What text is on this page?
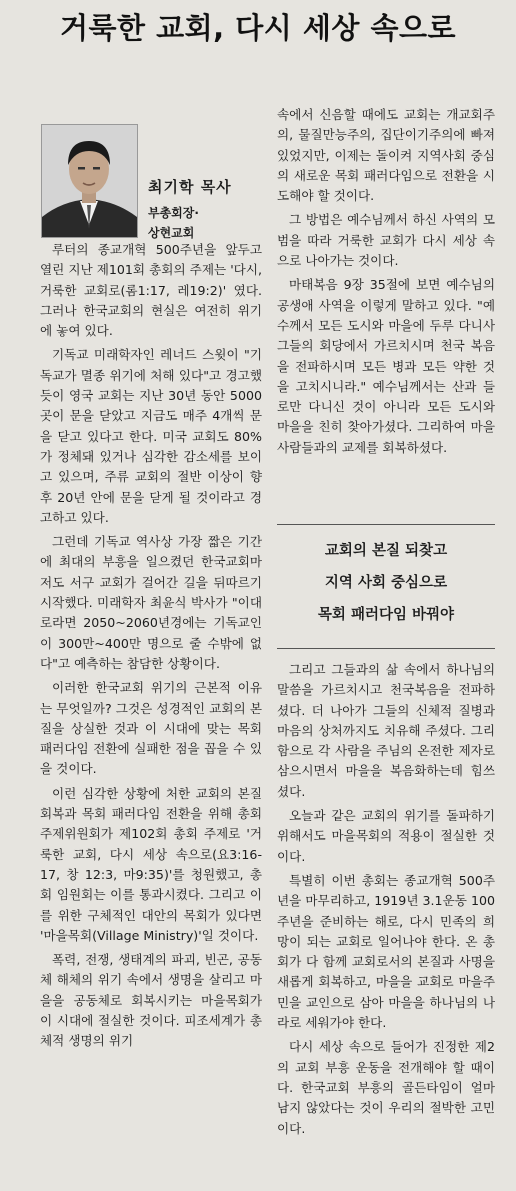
거룩한 교회, 다시 세상 속으로
최기학 목사
부총회장·
상현교회

루터의 종교개혁 500주년을 앞두고 열린 지난 제101회 총회의 주제는 '다시, 거룩한 교회로(롬1:17, 레19:2)' 였다. 그러나 한국교회의 현실은 여전히 위기에 놓여 있다.

기독교 미래학자인 레너드 스윗이 "기독교가 멸종 위기에 처해 있다"고 경고했듯이 영국 교회는 지난 30년 동안 5000곳이 문을 닫았고 지금도 매주 4개씩 문을 닫고 있다고 한다. 미국 교회도 80%가 정체돼 있거나 심각한 감소세를 보이고 있으며, 주류 교회의 절반 이상이 향후 20년 안에 문을 닫게 될 것이라고 경고하고 있다.

그런데 기독교 역사상 가장 짧은 기간에 최대의 부흥을 일으켰던 한국교회마저도 서구 교회가 걸어간 길을 뒤따르기 시작했다. 미래학자 최윤식 박사가 "이대로라면 2050~2060년경에는 기독교인이 300만~400만 명으로 줄 수밖에 없다"고 예측하는 참담한 상황이다.

이러한 한국교회 위기의 근본적 이유는 무엇일까? 그것은 성경적인 교회의 본질을 상실한 것과 이 시대에 맞는 목회 패러다임 전환에 실패한 점을 꼽을 수 있을 것이다.

이런 심각한 상황에 처한 교회의 본질 회복과 목회 패러다임 전환을 위해 총회주제위원회가 제102회 총회 주제로 '거룩한 교회, 다시 세상 속으로(요3:16-17, 창 12:3, 마9:35)'를 청원했고, 총회 임원회는 이를 통과시켰다. 그리고 이를 위한 구체적인 대안의 목회가 있다면 '마을목회(Village Ministry)'일 것이다.

폭력, 전쟁, 생태계의 파괴, 빈곤, 공동체 해체의 위기 속에서 생명을 살리고 마을을 공동체로 회복시키는 마을목회가 이 시대에 절실한 것이다. 피조세계가 총체적 생명의 위기

속에서 신음할 때에도 교회는 개교회주의, 물질만능주의, 집단이기주의에 빠져 있었지만, 이제는 돌이켜 지역사회 중심의 새로운 목회 패러다임으로 전환을 시도해야 할 것이다.

그 방법은 예수님께서 하신 사역의 모범을 따라 거룩한 교회가 다시 세상 속으로 나아가는 것이다.

마태복음 9장 35절에 보면 예수님의 공생애 사역을 이렇게 말하고 있다. "예수께서 모든 도시와 마을에 두루 다니사 그들의 회당에서 가르치시며 천국 복음을 전파하시며 모든 병과 모든 약한 것을 고치시니라." 예수님께서는 산과 들로만 다니신 것이 아니라 모든 도시와 마을을 친히 찾아가셨다. 그리하여 마을 사람들과의 교제를 회복하셨다.

교회의 본질 되찾고
지역 사회 중심으로
목회 패러다임 바꿔야

그리고 그들과의 삶 속에서 하나님의 말씀을 가르치시고 천국복음을 전파하셨다. 더 나아가 그들의 신체적 질병과 마음의 상처까지도 치유해 주셨다. 그리함으로 각 사람을 주님의 온전한 제자로 삼으시면서 마을을 복음화하는데 힘쓰셨다.

오늘과 같은 교회의 위기를 돌파하기 위해서도 마을목회의 적용이 절실한 것이다.

특별히 이번 총회는 종교개혁 500주년을 마무리하고, 1919년 3.1운동 100주년을 준비하는 해로, 다시 민족의 희망이 되는 교회로 일어나야 한다. 온 총회가 다 함께 교회로서의 본질과 사명을 새롭게 회복하고, 마을을 교회로 마을주민을 교인으로 삼아 마을을 하나님의 나라로 세워가야 한다.

다시 세상 속으로 들어가 진정한 제2의 교회 부흥 운동을 전개해야 할 때이다. 한국교회 부흥의 골든타임이 얼마 남지 않았다는 것이 우리의 절박한 고민이다.
